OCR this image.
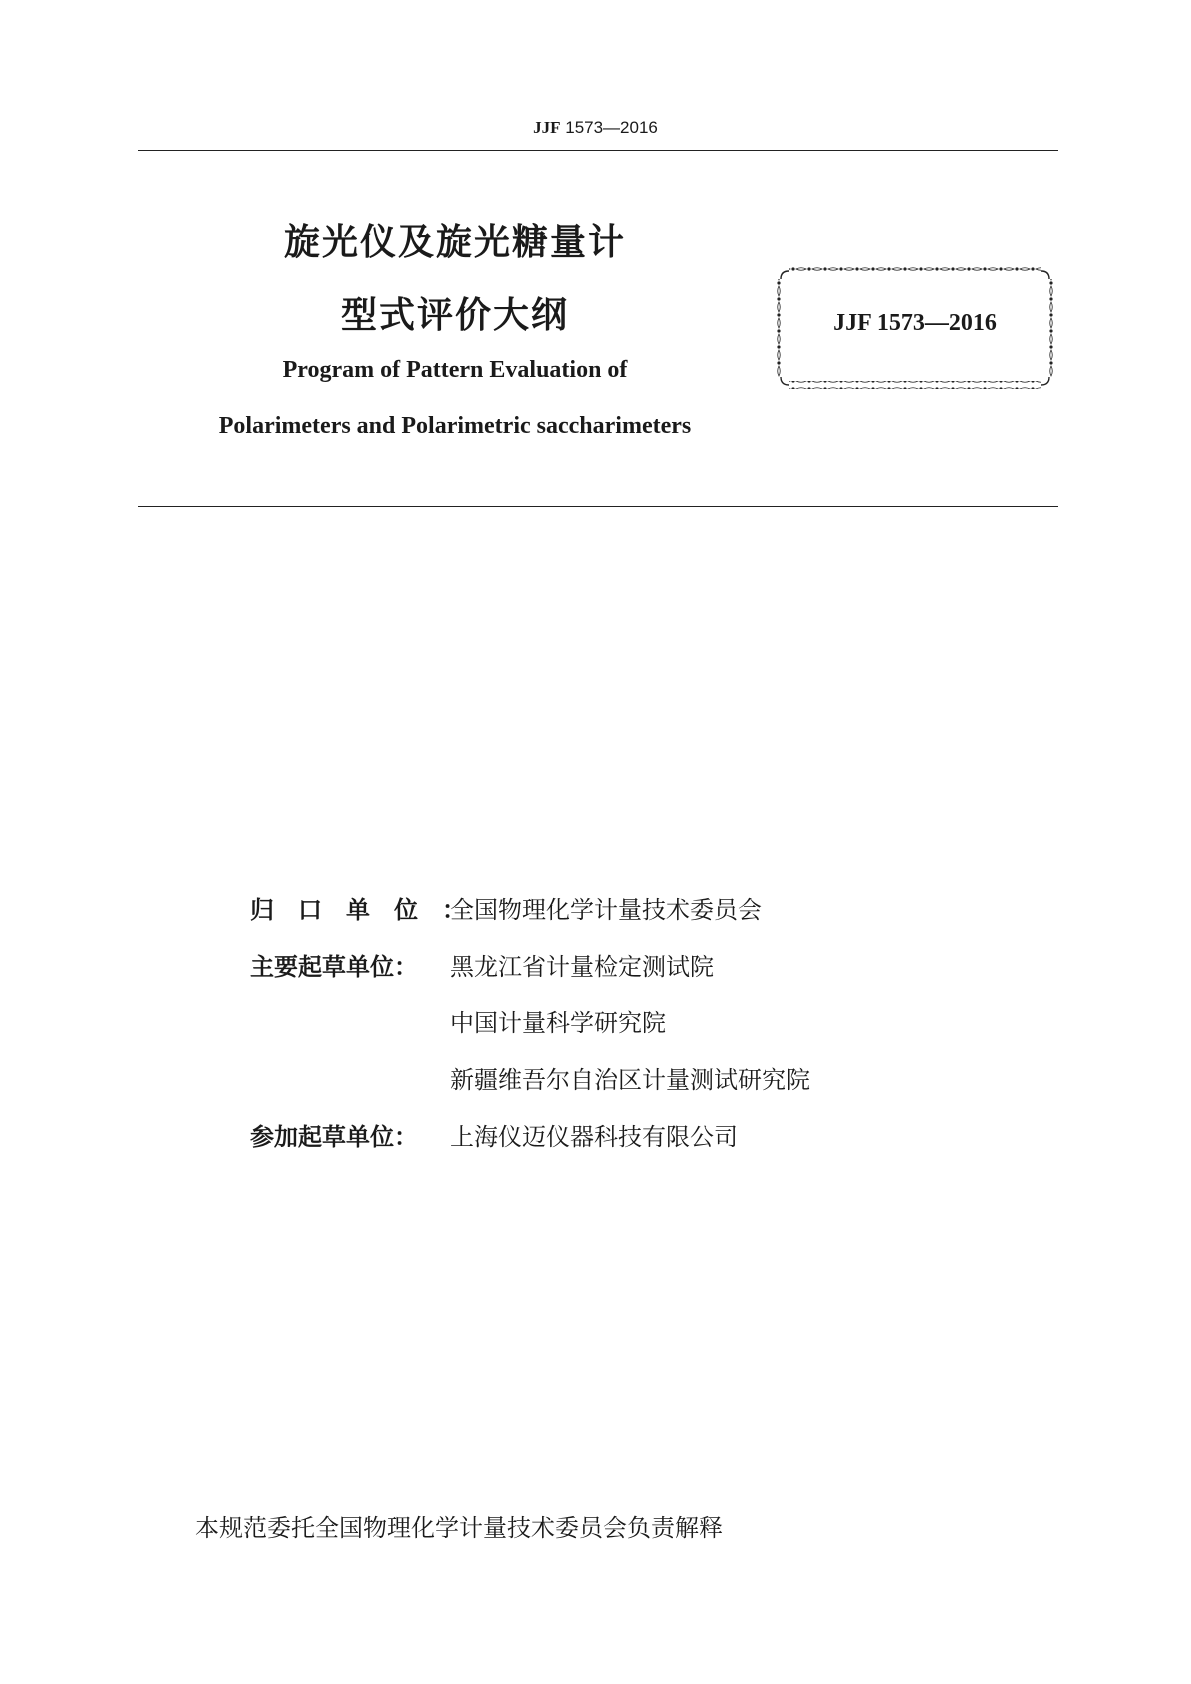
JJF 1573—2016
旋光仪及旋光糖量计
型式评价大纲
Program of Pattern Evaluation of
Polarimeters and Polarimetric saccharimeters
JJF 1573—2016
归口单位：
全国物理化学计量技术委员会
主要起草单位：	黑龙江省计量检定测试院
中国计量科学研究院
新疆维吾尔自治区计量测试研究院
参加起草单位：	上海仪迈仪器科技有限公司
本规范委托全国物理化学计量技术委员会负责解释
